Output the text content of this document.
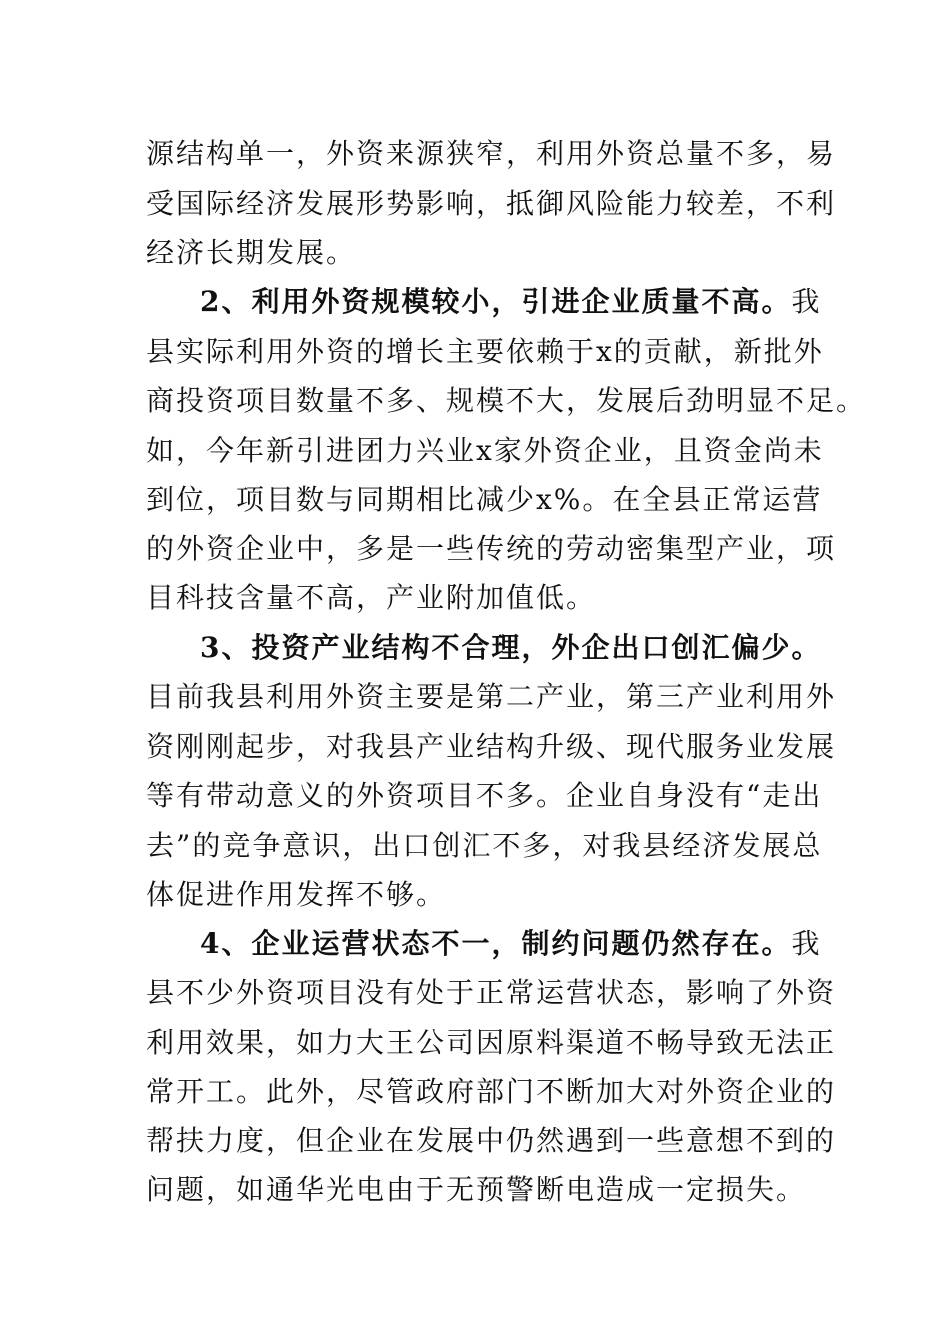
源结构单一，外资来源狭窄，利用外资总量不多，易
受国际经济发展形势影响，抵御风险能力较差，不利
经济长期发展。
2、利用外资规模较小，引进企业质量不高。我
县实际利用外资的增长主要依赖于x的贡献，新批外
商投资项目数量不多、规模不大，发展后劲明显不足。
如，今年新引进团力兴业x家外资企业，且资金尚未
到位，项目数与同期相比减少x%。在全县正常运营
的外资企业中，多是一些传统的劳动密集型产业，项
目科技含量不高，产业附加值低。
3、投资产业结构不合理，外企出口创汇偏少。
目前我县利用外资主要是第二产业，第三产业利用外
资刚刚起步，对我县产业结构升级、现代服务业发展
等有带动意义的外资项目不多。企业自身没有“走出
去”的竞争意识，出口创汇不多，对我县经济发展总
体促进作用发挥不够。
4、企业运营状态不一，制约问题仍然存在。我
县不少外资项目没有处于正常运营状态，影响了外资
利用效果，如力大王公司因原料渠道不畅导致无法正
常开工。此外，尽管政府部门不断加大对外资企业的
帮扶力度，但企业在发展中仍然遇到一些意想不到的
问题，如通华光电由于无预警断电造成一定损失。
